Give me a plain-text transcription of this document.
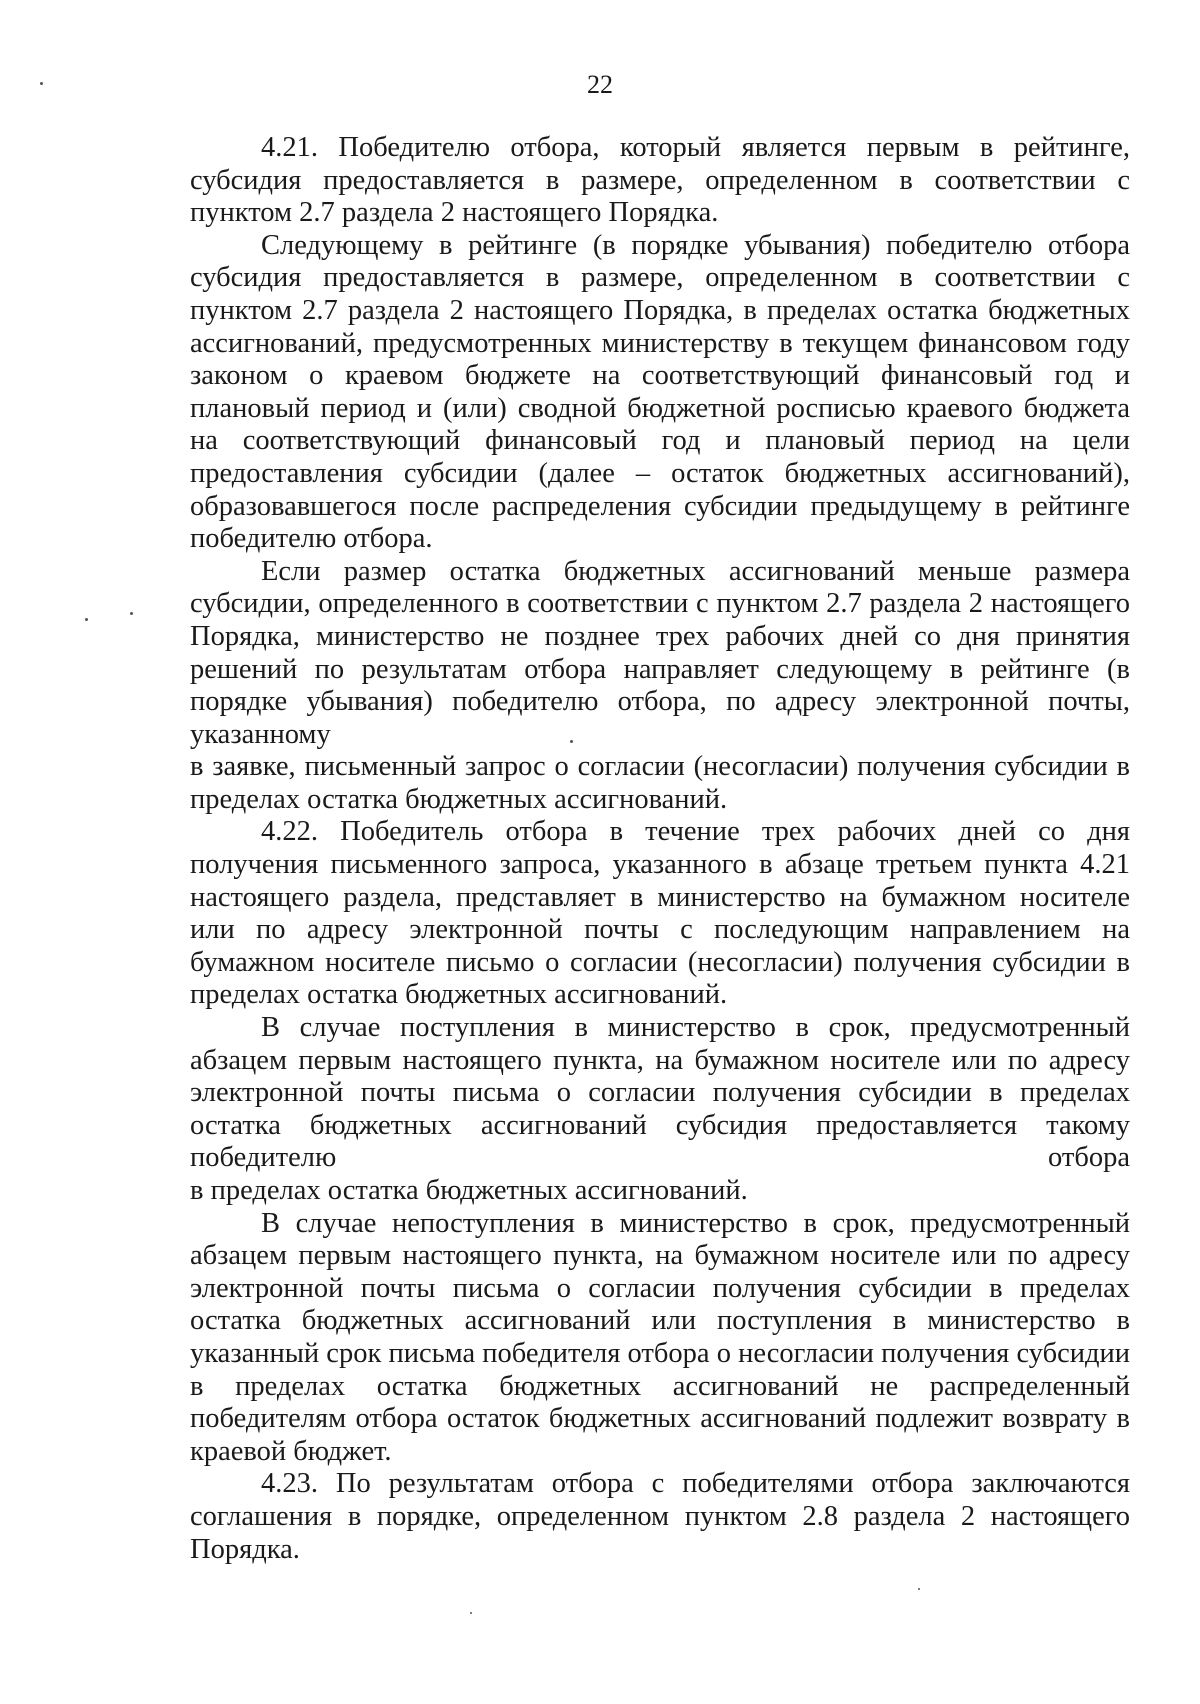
22

4.21. Победителю отбора, который является первым в рейтинге, субсидия предоставляется в размере, определенном в соответствии с пунктом 2.7 раздела 2 настоящего Порядка.

Следующему в рейтинге (в порядке убывания) победителю отбора субсидия предоставляется в размере, определенном в соответствии с пунктом 2.7 раздела 2 настоящего Порядка, в пределах остатка бюджетных ассигнований, предусмотренных министерству в текущем финансовом году законом о краевом бюджете на соответствующий финансовый год и плановый период и (или) сводной бюджетной росписью краевого бюджета на соответствующий финансовый год и плановый период на цели предоставления субсидии (далее – остаток бюджетных ассигнований), образовавшегося после распределения субсидии предыдущему в рейтинге победителю отбора.

Если размер остатка бюджетных ассигнований меньше размера субсидии, определенного в соответствии с пунктом 2.7 раздела 2 настоящего Порядка, министерство не позднее трех рабочих дней со дня принятия решений по результатам отбора направляет следующему в рейтинге (в порядке убывания) победителю отбора, по адресу электронной почты, указанному

в заявке, письменный запрос о согласии (несогласии) получения субсидии в пределах остатка бюджетных ассигнований.

4.22. Победитель отбора в течение трех рабочих дней со дня получения письменного запроса, указанного в абзаце третьем пункта 4.21 настоящего раздела, представляет в министерство на бумажном носителе или по адресу электронной почты с последующим направлением на бумажном носителе письмо о согласии (несогласии) получения субсидии в пределах остатка бюджетных ассигнований.

В случае поступления в министерство в срок, предусмотренный абзацем первым настоящего пункта, на бумажном носителе или по адресу электронной почты письма о согласии получения субсидии в пределах остатка бюджетных ассигнований субсидия предоставляется такому победителю отбора

в пределах остатка бюджетных ассигнований.

В случае непоступления в министерство в срок, предусмотренный абзацем первым настоящего пункта, на бумажном носителе или по адресу электронной почты письма о согласии получения субсидии в пределах остатка бюджетных ассигнований или поступления в министерство в указанный срок письма победителя отбора о несогласии получения субсидии в пределах остатка бюджетных ассигнований не распределенный победителям отбора остаток бюджетных ассигнований подлежит возврату в краевой бюджет.

4.23. По результатам отбора с победителями отбора заключаются соглашения в порядке, определенном пунктом 2.8 раздела 2 настоящего Порядка.
